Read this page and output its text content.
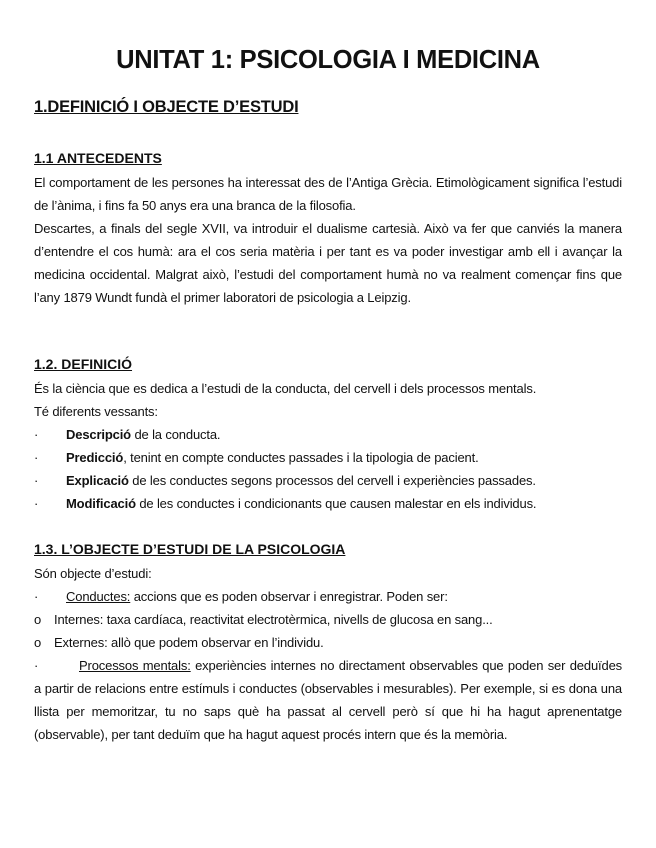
UNITAT 1: PSICOLOGIA I MEDICINA
1.DEFINICIÓ I OBJECTE D’ESTUDI
1.1 ANTECEDENTS

El comportament de les persones ha interessat des de l’Antiga Grècia. Etimològicament significa l’estudi de l’ànima, i fins fa 50 anys era una branca de la filosofia.

Descartes, a finals del segle XVII, va introduir el dualisme cartesià. Això va fer que canviés la manera d’entendre el cos humà: ara el cos seria matèria i per tant es va poder investigar amb ell i avançar la medicina occidental. Malgrat això, l’estudi del comportament humà no va realment començar fins que l’any 1879 Wundt fundà el primer laboratori de psicologia a Leipzig.

1.2. DEFINICIÓ

És la ciència que es dedica a l’estudi de la conducta, del cervell i dels processos mentals.

Té diferents vessants:

· Descripció de la conducta.
· Predicció, tenint en compte conductes passades i la tipologia de pacient.
· Explicació de les conductes segons processos del cervell i experiències passades.
· Modificació de les conductes i condicionants que causen malestar en els individus.
1.3. L’OBJECTE D’ESTUDI DE LA PSICOLOGIA

Són objecte d’estudi:

· Conductes: accions que es poden observar i enregistrar. Poden ser:
o Internes: taxa cardíaca, reactivitat electrotèrmica, nivells de glucosa en sang...
o Externes: allò que podem observar en l’individu.
·	Processos mentals: experiències internes no directament observables que poden ser deduïdes a partir de relacions entre estímuls i conductes (observables i mesurables). Per exemple, si es dona una llista per memoritzar, tu no saps què ha passat al cervell però sí que hi ha hagut aprenentatge (observable), per tant deduïm que ha hagut aquest procés intern que és la memòria.
